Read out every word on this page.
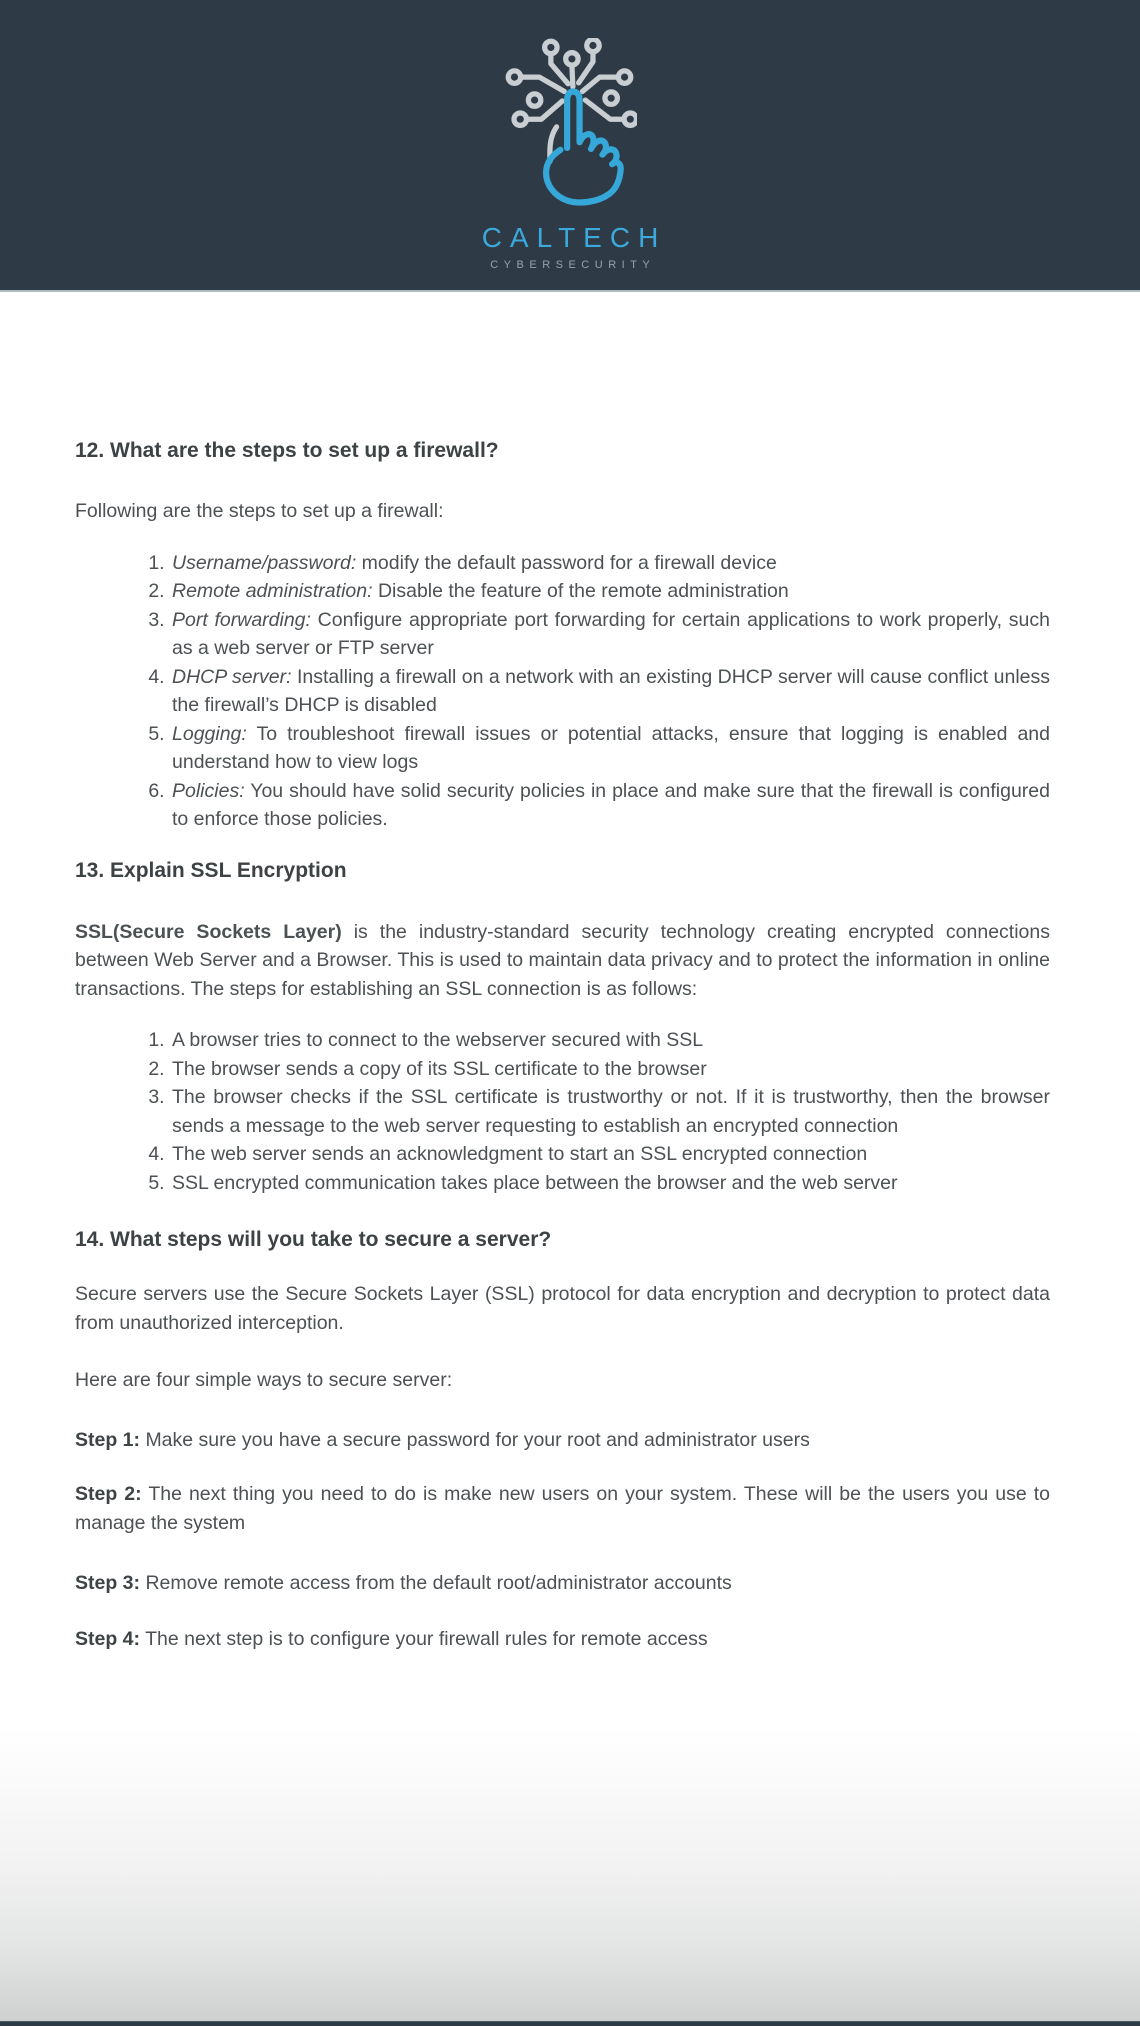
CALTECH
CYBERSECURITY
12. What are the steps to set up a firewall?

Following are the steps to set up a firewall:

1. Username/password: modify the default password for a firewall device
2. Remote administration: Disable the feature of the remote administration
3. Port forwarding: Configure appropriate port forwarding for certain applications to work properly, such as a web server or FTP server
4. DHCP server: Installing a firewall on a network with an existing DHCP server will cause conflict unless the firewall’s DHCP is disabled
5. Logging: To troubleshoot firewall issues or potential attacks, ensure that logging is enabled and understand how to view logs
6. Policies: You should have solid security policies in place and make sure that the firewall is configured to enforce those policies.
13. Explain SSL Encryption

SSL(Secure Sockets Layer) is the industry-standard security technology creating encrypted connections between Web Server and a Browser. This is used to maintain data privacy and to protect the information in online transactions. The steps for establishing an SSL connection is as follows:

1. A browser tries to connect to the webserver secured with SSL
2. The browser sends a copy of its SSL certificate to the browser
3. The browser checks if the SSL certificate is trustworthy or not. If it is trustworthy, then the browser sends a message to the web server requesting to establish an encrypted connection
4. The web server sends an acknowledgment to start an SSL encrypted connection
5. SSL encrypted communication takes place between the browser and the web server
14. What steps will you take to secure a server?

Secure servers use the Secure Sockets Layer (SSL) protocol for data encryption and decryption to protect data from unauthorized interception.

Here are four simple ways to secure server:

Step 1: Make sure you have a secure password for your root and administrator users

Step 2: The next thing you need to do is make new users on your system. These will be the users you use to manage the system

Step 3: Remove remote access from the default root/administrator accounts

Step 4: The next step is to configure your firewall rules for remote access
